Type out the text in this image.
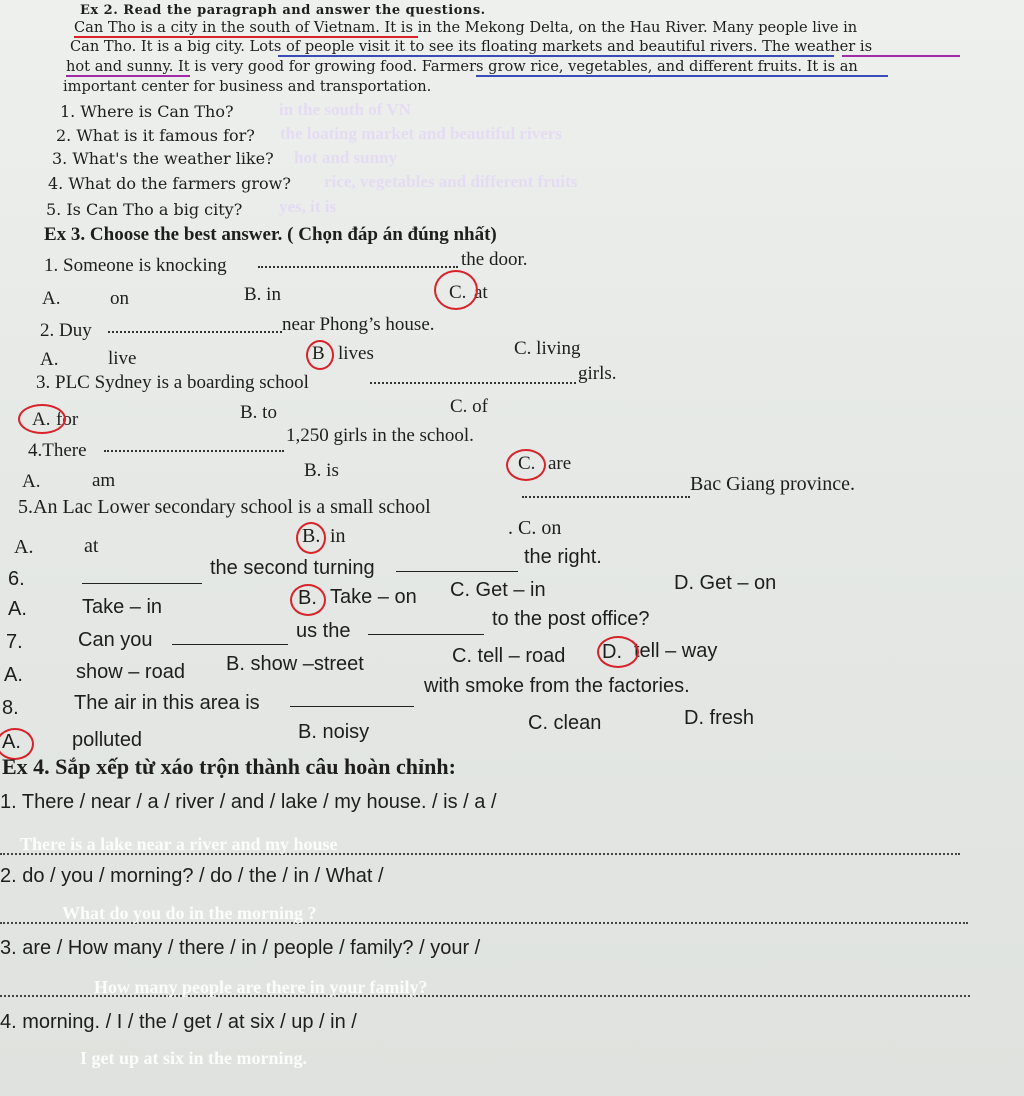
Ex 2. Read the paragraph and answer the questions.
Can Tho is a city in the south of Vietnam. It is in the Mekong Delta, on the Hau River. Many people live in
Can Tho. It is a big city. Lots of people visit it to see its floating markets and beautiful rivers. The weather is
hot and sunny. It is very good for growing food. Farmers grow rice, vegetables, and different fruits. It is an
important center for business and transportation.
1. Where is Can Tho?	in the south of VN
2. What is it famous for? the loating market and beautiful rivers
3. What's the weather like? hot and sunny
4. What do the farmers grow? rice, vegetables and different fruits
5. Is Can Tho a big city? yes, it is
Ex 3. Choose the best answer. ( Chọn đáp án đúng nhất)
1. Someone is knocking	the door.
A.	on	B. in	C. at
2. Duy	near Phong’s house.
A.	live	B lives	C. living
3. PLC Sydney is a boarding school	girls.
A. for	B. to	C. of
4.There
1,250 girls in the school.
A.	am	B. is	C. are
5.An Lac Lower secondary school is a small school
Bac Giang province.
A.	at	B. in	. C. on
6.	the second turning	the right.
A.	Take – in	B. Take – on C. Get – in	D. Get – on
7.	Can you	us the
to the post office?
A.	show – road B. show –street	C. tell – road D. tell – way
8.	The air in this area is
with smoke from the factories.
A.	polluted	B. noisy	C. clean	D. fresh
Ex 4. Sắp xếp từ xáo trộn thành câu hoàn chỉnh:
1. There / near / a / river / and / lake / my house. / is / a /
There is a lake near a river and my house
2. do / you / morning? / do / the / in / What /
What do you do in the morning ?
3. are / How many / there / in / people / family? / your /
How many people are there in your family?
4. morning. / I / the / get / at six / up / in /
I get up at six in the morning.
